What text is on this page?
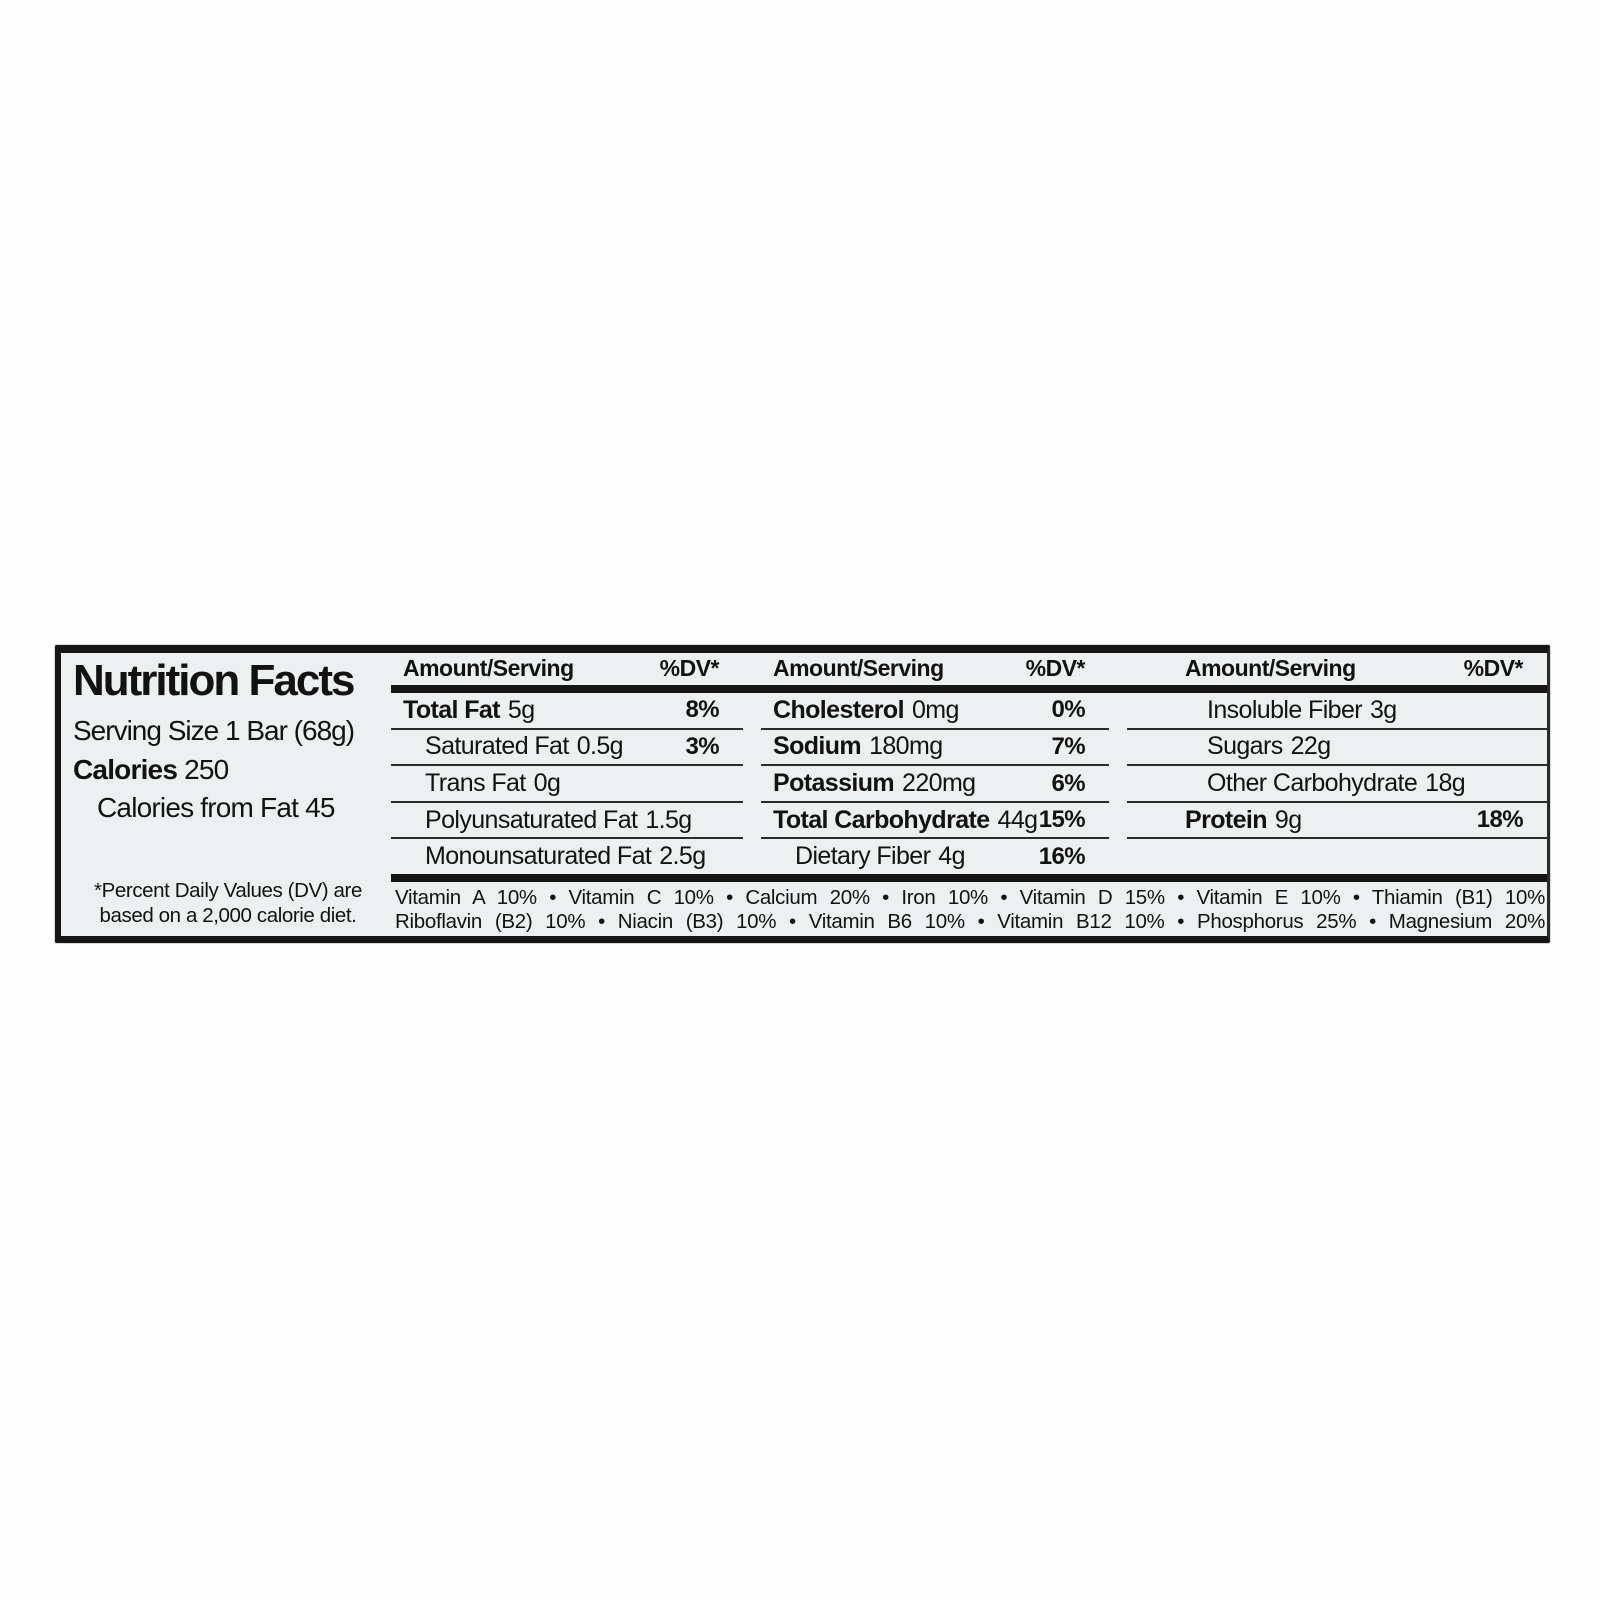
Nutrition Facts
Serving Size 1 Bar (68g)
Calories 250
Calories from Fat 45
*Percent Daily Values (DV) are
based on a 2,000 calorie diet.
Amount/Serving	%DV* Amount/Serving	%DV*	Amount/Serving	%DV*
Total Fat 5g	8%
Saturated Fat 0.5g	3%
Trans Fat 0g
Polyunsaturated Fat 1.5g
Monounsaturated Fat 2.5g
Cholesterol 0mg	0%
Sodium 180mg	7%
Potassium 220mg	6%
Total Carbohydrate 44g 15%
Dietary Fiber 4g	16%
Insoluble Fiber 3g
Sugars 22g
Other Carbohydrate 18g
Protein 9g	18%
Vitamin A 10% • Vitamin C 10% • Calcium 20% • Iron 10% • Vitamin D 15% • Vitamin E 10% • Thiamin (B1) 10%
Riboflavin (B2) 10% • Niacin (B3) 10% • Vitamin B6 10% • Vitamin B12 10% • Phosphorus 25% • Magnesium 20%
